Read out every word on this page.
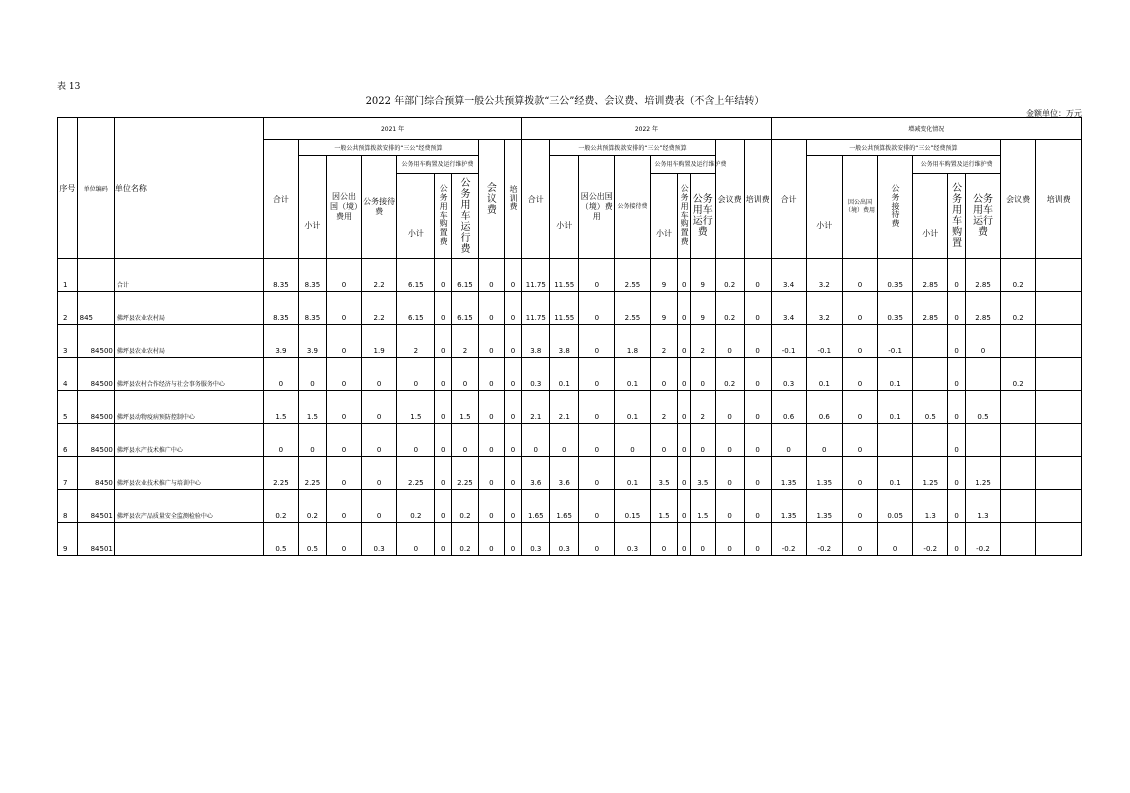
表 13
2022 年部门综合预算一般公共预算拨款“三公”经费、会议费、培训费表（不含上年结转）
金额单位：万元
序号	单位编码	单位名称	2021 年									2022 年									增减变化情况								
			合计	一般公共预算拨款安排的“三公”经费预算						会议费	培训费	合计	一般公共预算拨款安排的“三公”经费预算						会议费	培训费	合计	一般公共预算拨款安排的“三公”经费预算						会议费	培训费
				小计	因公出国（境）费用	公务接待费	公务用车购置及运行维护费						小计	因公出国（境）费用	公务接待费	公务用车购置及运行维护费						小计	因公出国（境）费用	公务接待费	公务用车购置及运行维护费				
							小计	公务用车购置费	公务用车运行费							小计	公务用车购置费	公务用车运行费							小计	公务用车购置	公务用车运行费		
1		合计	8.35	8.35	0	2.2	6.15	0	6.15	0	0	11.75	11.55	0	2.55	9	0	9	0.2	0	3.4	3.2	0	0.35	2.85	0	2.85	0.2	
2	845	佛坪县农业农村局	8.35	8.35	0	2.2	6.15	0	6.15	0	0	11.75	11.55	0	2.55	9	0	9	0.2	0	3.4	3.2	0	0.35	2.85	0	2.85	0.2	
3	84500	佛坪县农业农村局	3.9	3.9	0	1.9	2	0	2	0	0	3.8	3.8	0	1.8	2	0	2	0	0	-0.1	-0.1	0	-0.1		0	0		
4	84500	佛坪县农村合作经济与社会事务服务中心	0	0	0	0	0	0	0	0	0	0.3	0.1	0	0.1	0	0	0	0.2	0	0.3	0.1	0	0.1		0		0.2	
5	84500	佛坪县动物疫病预防控制中心	1.5	1.5	0	0	1.5	0	1.5	0	0	2.1	2.1	0	0.1	2	0	2	0	0	0.6	0.6	0	0.1	0.5	0	0.5		
6	84500	佛坪县水产技术推广中心	0	0	0	0	0	0	0	0	0	0	0	0	0	0	0	0	0	0	0	0	0			0			
7	8450	佛坪县农业技术推广与培训中心	2.25	2.25	0	0	2.25	0	2.25	0	0	3.6	3.6	0	0.1	3.5	0	3.5	0	0	1.35	1.35	0	0.1	1.25	0	1.25		
8	84501	佛坪县农产品质量安全监测检验中心	0.2	0.2	0	0	0.2	0	0.2	0	0	1.65	1.65	0	0.15	1.5	0	1.5	0	0	1.35	1.35	0	0.05	1.3	0	1.3		
9	84501		0.5	0.5	0	0.3	0	0	0.2	0	0	0.3	0.3	0	0.3	0	0	0	0	0	-0.2	-0.2	0	0	-0.2	0	-0.2		
